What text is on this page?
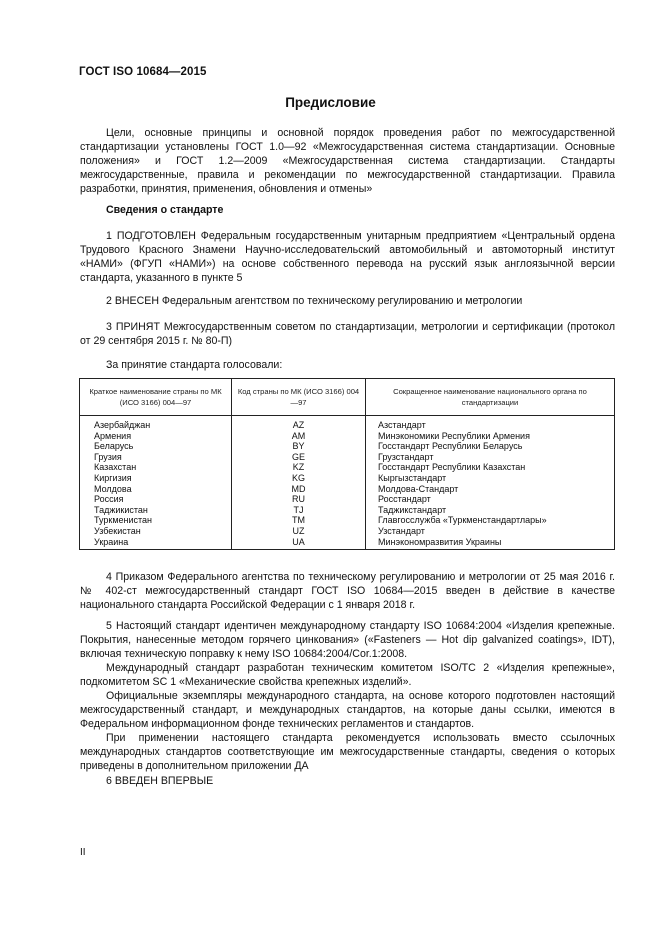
ГОСТ ISO 10684—2015
Предисловие

Цели, основные принципы и основной порядок проведения работ по межгосударственной стандартизации установлены ГОСТ 1.0—92 «Межгосударственная система стандартизации. Основные положения» и ГОСТ 1.2—2009 «Межгосударственная система стандартизации. Стандарты межгосударственные, правила и рекомендации по межгосударственной стандартизации. Правила разработки, принятия, применения, обновления и отмены»

Сведения о стандарте

1 ПОДГОТОВЛЕН Федеральным государственным унитарным предприятием «Центральный ордена Трудового Красного Знамени Научно-исследовательский автомобильный и автомоторный институт «НАМИ» (ФГУП «НАМИ») на основе собственного перевода на русский язык англоязычной версии стандарта, указанного в пункте 5

2 ВНЕСЕН Федеральным агентством по техническому регулированию и метрологии

3 ПРИНЯТ Межгосударственным советом по стандартизации, метрологии и сертификации (протокол от 29 сентября 2015 г. № 80-П)

За принятие стандарта голосовали:
Краткое наименование страны по МК (ИСО 3166) 004—97	Код страны по МК (ИСО 3166) 004—97	Сокращенное наименование национального органа по стандартизации
Азербайджан	AZ	Азстандарт
Армения	AM	Минэкономики Республики Армения
Беларусь	BY	Госстандарт Республики Беларусь
Грузия	GE	Грузстандарт
Казахстан	KZ	Госстандарт Республики Казахстан
Киргизия	KG	Кыргызстандарт
Молдова	MD	Молдова-Стандарт
Россия	RU	Росстандарт
Таджикистан	TJ	Таджикстандарт
Туркменистан	TM	Главгосслужба «Туркменстандартлары»
Узбекистан	UZ	Узстандарт
Украина	UA	Минэкономразвития Украины

4 Приказом Федерального агентства по техническому регулированию и метрологии от 25 мая 2016 г. № 402-ст межгосударственный стандарт ГОСТ ISO 10684—2015 введен в действие в качестве национального стандарта Российской Федерации с 1 января 2018 г.

5 Настоящий стандарт идентичен международному стандарту ISO 10684:2004 «Изделия крепежные. Покрытия, нанесенные методом горячего цинкования» («Fasteners — Hot dip galvanized coatings», IDT), включая техническую поправку к нему ISO 10684:2004/Cor.1:2008.

Международный стандарт разработан техническим комитетом ISO/TC 2 «Изделия крепежные», подкомитетом SC 1 «Механические свойства крепежных изделий».

Официальные экземпляры международного стандарта, на основе которого подготовлен настоящий межгосударственный стандарт, и международных стандартов, на которые даны ссылки, имеются в Федеральном информационном фонде технических регламентов и стандартов.

При применении настоящего стандарта рекомендуется использовать вместо ссылочных международных стандартов соответствующие им межгосударственные стандарты, сведения о которых приведены в дополнительном приложении ДА

6 ВВЕДЕН ВПЕРВЫЕ
II
